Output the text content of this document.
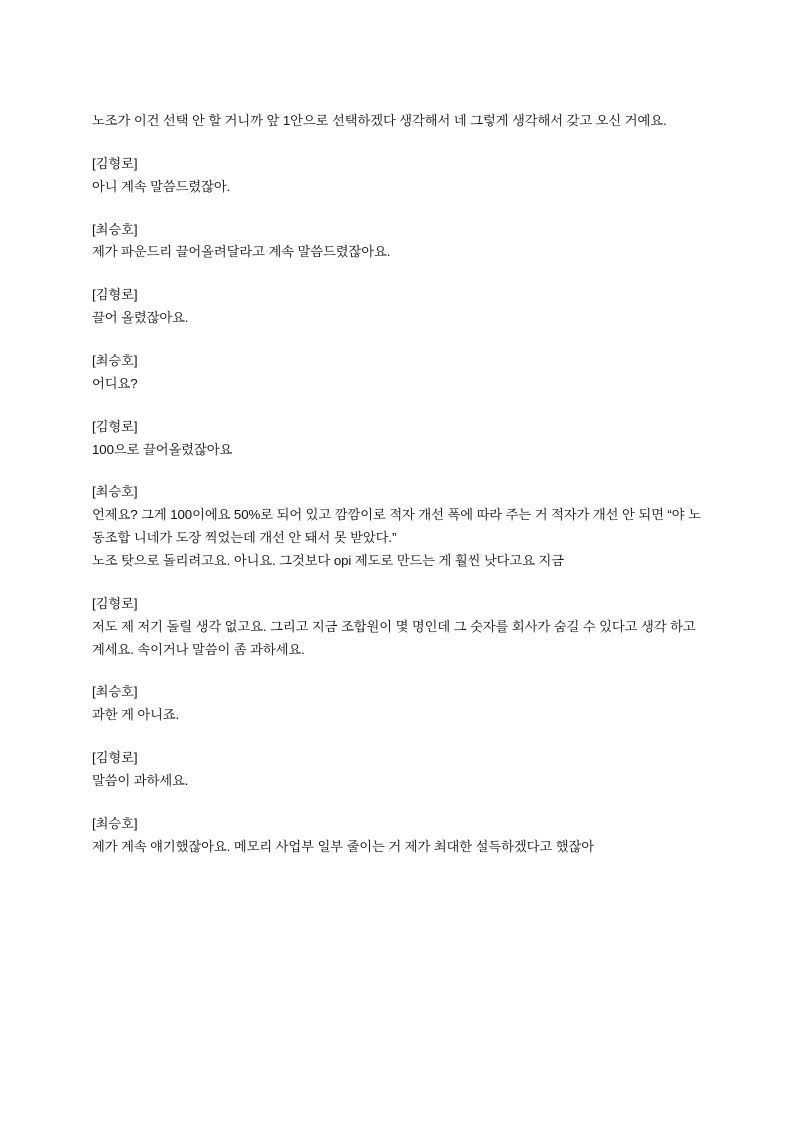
노조가 이건 선택 안 할 거니까 앞 1안으로 선택하겠다 생각해서 네 그렇게 생각해서 갖고 오신 거예요.

[김형로]

아니 계속 말씀드렸잖아.

[최승호]

제가 파운드리 끌어올려달라고 계속 말씀드렸잖아요.

[김형로]

끌어 올렸잖아요.

[최승호]

어디요?

[김형로]

100으로 끌어올렸잖아요

[최승호]

언제요? 그게 100이에요 50%로 되어 있고 깜깜이로 적자 개선 폭에 따라 주는 거 적자가 개선 안 되면 “야 노동조합 니네가 도장 찍었는데 개선 안 돼서 못 받았다.”

노조 탓으로 돌리려고요. 아니요. 그것보다 opi 제도로 만드는 게 훨씬 낫다고요 지금

[김형로]

저도 제 저기 돌릴 생각 없고요. 그리고 지금 조합원이 몇 명인데 그 숫자를 회사가 숨길 수 있다고 생각 하고 계세요. 속이거나 말씀이 좀 과하세요.

[최승호]

과한 게 아니죠.

[김형로]

말씀이 과하세요.

[최승호]

제가 계속 얘기했잖아요. 메모리 사업부 일부 줄이는 거 제가 최대한 설득하겠다고 했잖아
